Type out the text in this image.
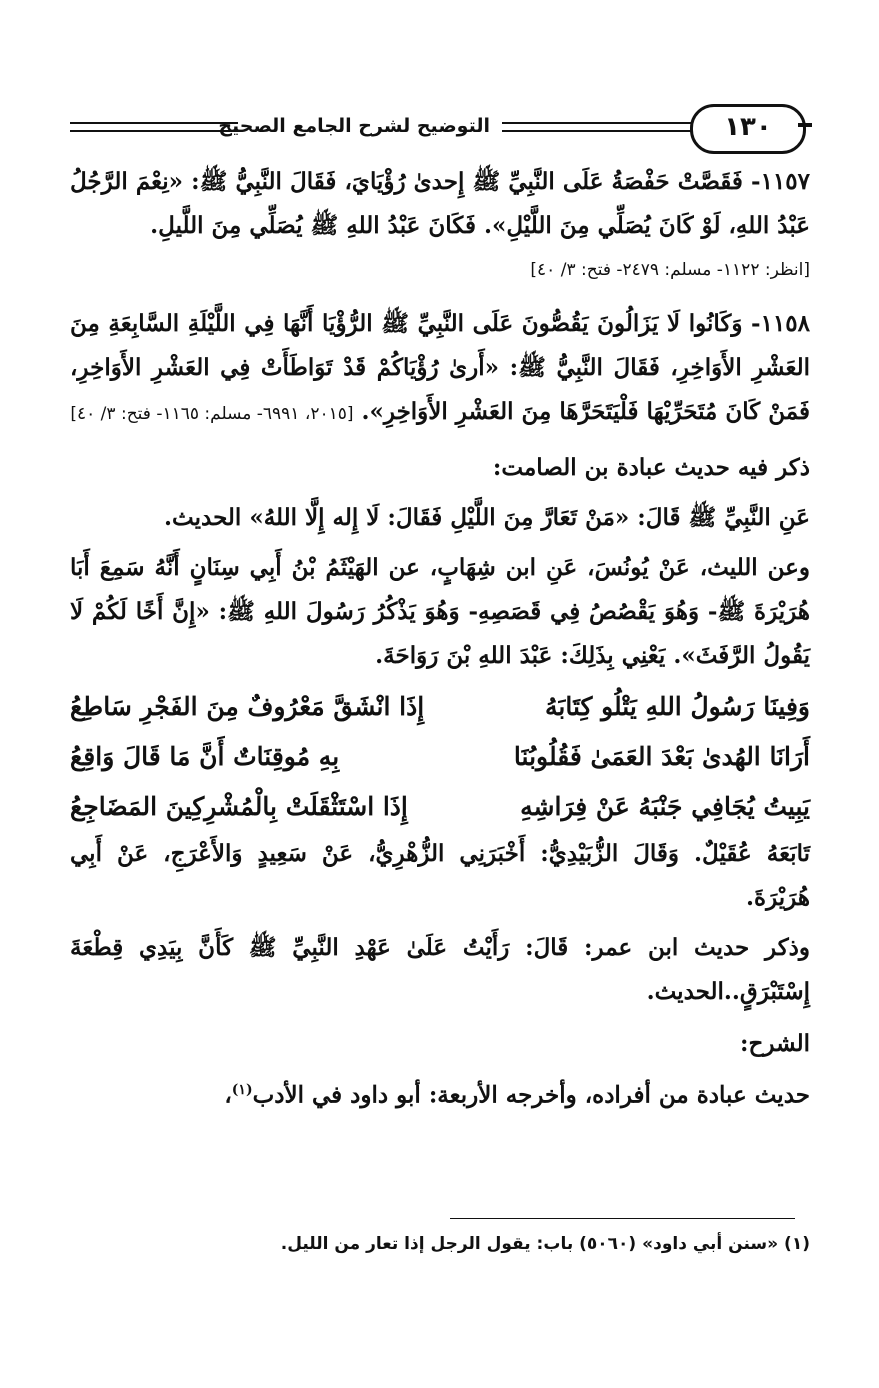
التوضيح لشرح الجامع الصحيح	١٣٠

١١٥٧- فَقَصَّتْ حَفْصَةُ عَلَى النَّبِيِّ ﷺ إِحدىٰ رُؤْيَايَ، فَقَالَ النَّبِيُّ ﷺ: «نِعْمَ الرَّجُلُ عَبْدُ اللهِ، لَوْ كَانَ يُصَلِّي مِنَ اللَّيْلِ». فَكَانَ عَبْدُ اللهِ ﷺ يُصَلِّي مِنَ اللَّيلِ.

[انظر: ١١٢٢- مسلم: ٢٤٧٩- فتح: ٣/ ٤٠]

١١٥٨- وَكَانُوا لَا يَزَالُونَ يَقُصُّونَ عَلَى النَّبِيِّ ﷺ الرُّؤْيَا أَنَّهَا فِي اللَّيْلَةِ السَّابِعَةِ مِنَ العَشْرِ الأَوَاخِرِ، فَقَالَ النَّبِيُّ ﷺ: «أَرىٰ رُؤْيَاكُمْ قَدْ تَوَاطَأَتْ فِي العَشْرِ الأَوَاخِرِ، فَمَنْ كَانَ مُتَحَرِّيْهَا فَلْيَتَحَرَّهَا مِنَ العَشْرِ الأَوَاخِرِ». [٢٠١٥، ٦٩٩١- مسلم: ١١٦٥- فتح: ٣/ ٤٠]

ذكر فيه حديث عبادة بن الصامت:

عَنِ النَّبِيِّ ﷺ قَالَ: «مَنْ تَعَارَّ مِنَ اللَّيْلِ فَقَالَ: لَا إِله إِلَّا اللهُ» الحديث.

وعن الليث، عَنْ يُونُسَ، عَنِ ابن شِهَابٍ، عن الهَيْثَمُ بْنُ أَبِي سِنَانٍ أَنَّهُ سَمِعَ أَبَا هُرَيْرَةَ ﷺ- وَهُوَ يَقْصُصُ فِي قَصَصِهِ- وَهُوَ يَذْكُرُ رَسُولَ اللهِ ﷺ: «إِنَّ أَخًا لَكُمْ لَا يَقُولُ الرَّفَثَ». يَعْنِي بِذَلِكَ: عَبْدَ اللهِ بْنَ رَوَاحَةَ.

وَفِينَا رَسُولُ اللهِ يَتْلُو كِتَابَهُ
إِذَا انْشَقَّ مَعْرُوفٌ مِنَ الفَجْرِ سَاطِعُ
أَرَانَا الهُدىٰ بَعْدَ العَمَىٰ فَقُلُوبُنَا
بِهِ مُوقِنَاتٌ أَنَّ مَا قَالَ وَاقِعُ
يَبِيتُ يُجَافِي جَنْبَهُ عَنْ فِرَاشِهِ
إِذَا اسْتَثْقَلَتْ بِالْمُشْرِكِينَ المَضَاجِعُ

تَابَعَهُ عُقَيْلٌ. وَقَالَ الزُّبَيْدِيُّ: أَخْبَرَنِي الزُّهْرِيُّ، عَنْ سَعِيدٍ وَالأَعْرَجِ، عَنْ أَبِي هُرَيْرَةَ.

وذكر حديث ابن عمر: قَالَ: رَأَيْتُ عَلَىٰ عَهْدِ النَّبِيِّ ﷺ كَأَنَّ بِيَدِي قِطْعَةَ إِسْتَبْرَقٍ..الحديث.

الشرح:

حديث عبادة من أفراده، وأخرجه الأربعة: أبو داود في الأدب$^{(١)}$،

(١) «سنن أبي داود» (٥٠٦٠) باب: يقول الرجل إذا تعار من الليل.
